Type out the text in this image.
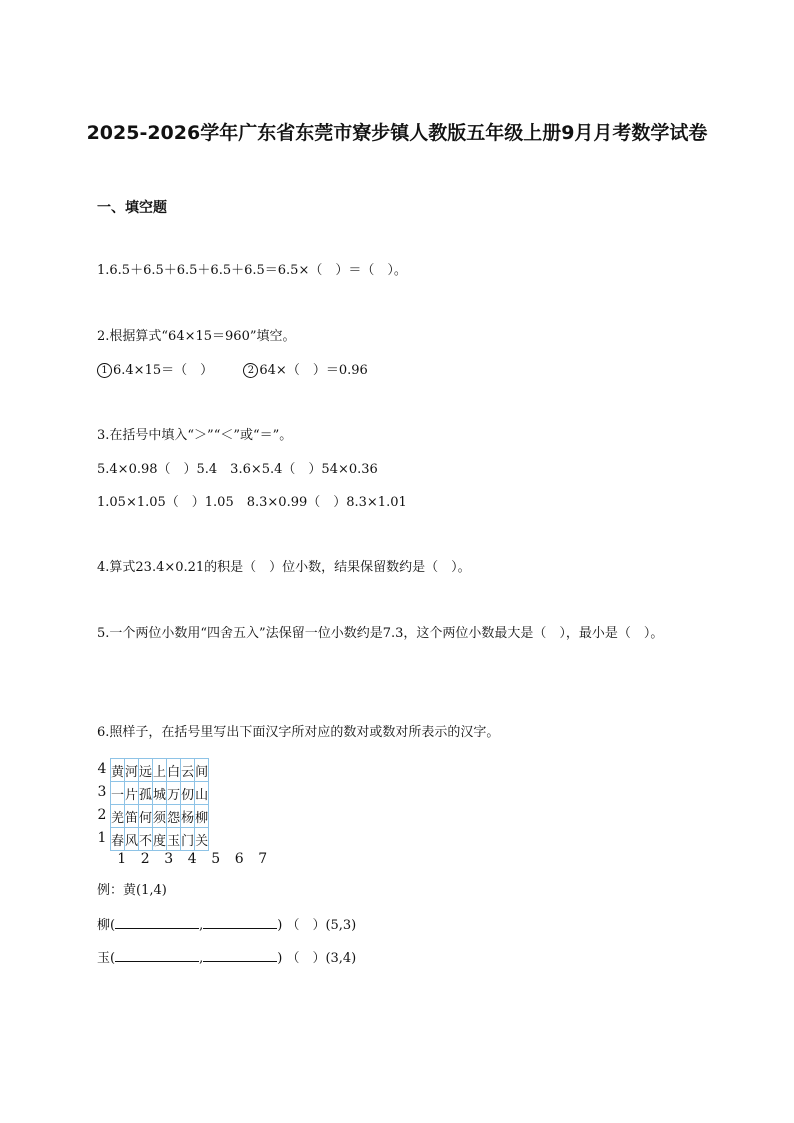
2025-2026学年广东省东莞市寮步镇人教版五年级上册9月月考数学试卷
一、填空题
1.6.5＋6.5＋6.5＋6.5＋6.5＝6.5×（　）＝（　）。
2.根据算式“64×15＝960”填空。
1 6.4×15＝（　）	2 64×（　）＝0.96
3.在括号中填入“＞”“＜”或“＝”。
5.4×0.98（　）5.4　3.6×5.4（　）54×0.36
1.05×1.05（　）1.05　8.3×0.99（　）8.3×1.01
4.算式23.4×0.21的积是（　）位小数，结果保留数约是（　）。
5.一个两位小数用“四舍五入”法保留一位小数约是7.3，这个两位小数最大是（　），最小是（　）。
6.照样子，在括号里写出下面汉字所对应的数对或数对所表示的汉字。
4
3
2
1
黄	河	远	上	白	云	间
一	片	孤	城	万	仞	山
羌	笛	何	须	怨	杨	柳
春	风	不	度	玉	门	关
1	2	3	4	5	6	7
例：黄(1,4)
柳(	,	) （　）(5,3)
玉(	,	) （　）(3,4)
